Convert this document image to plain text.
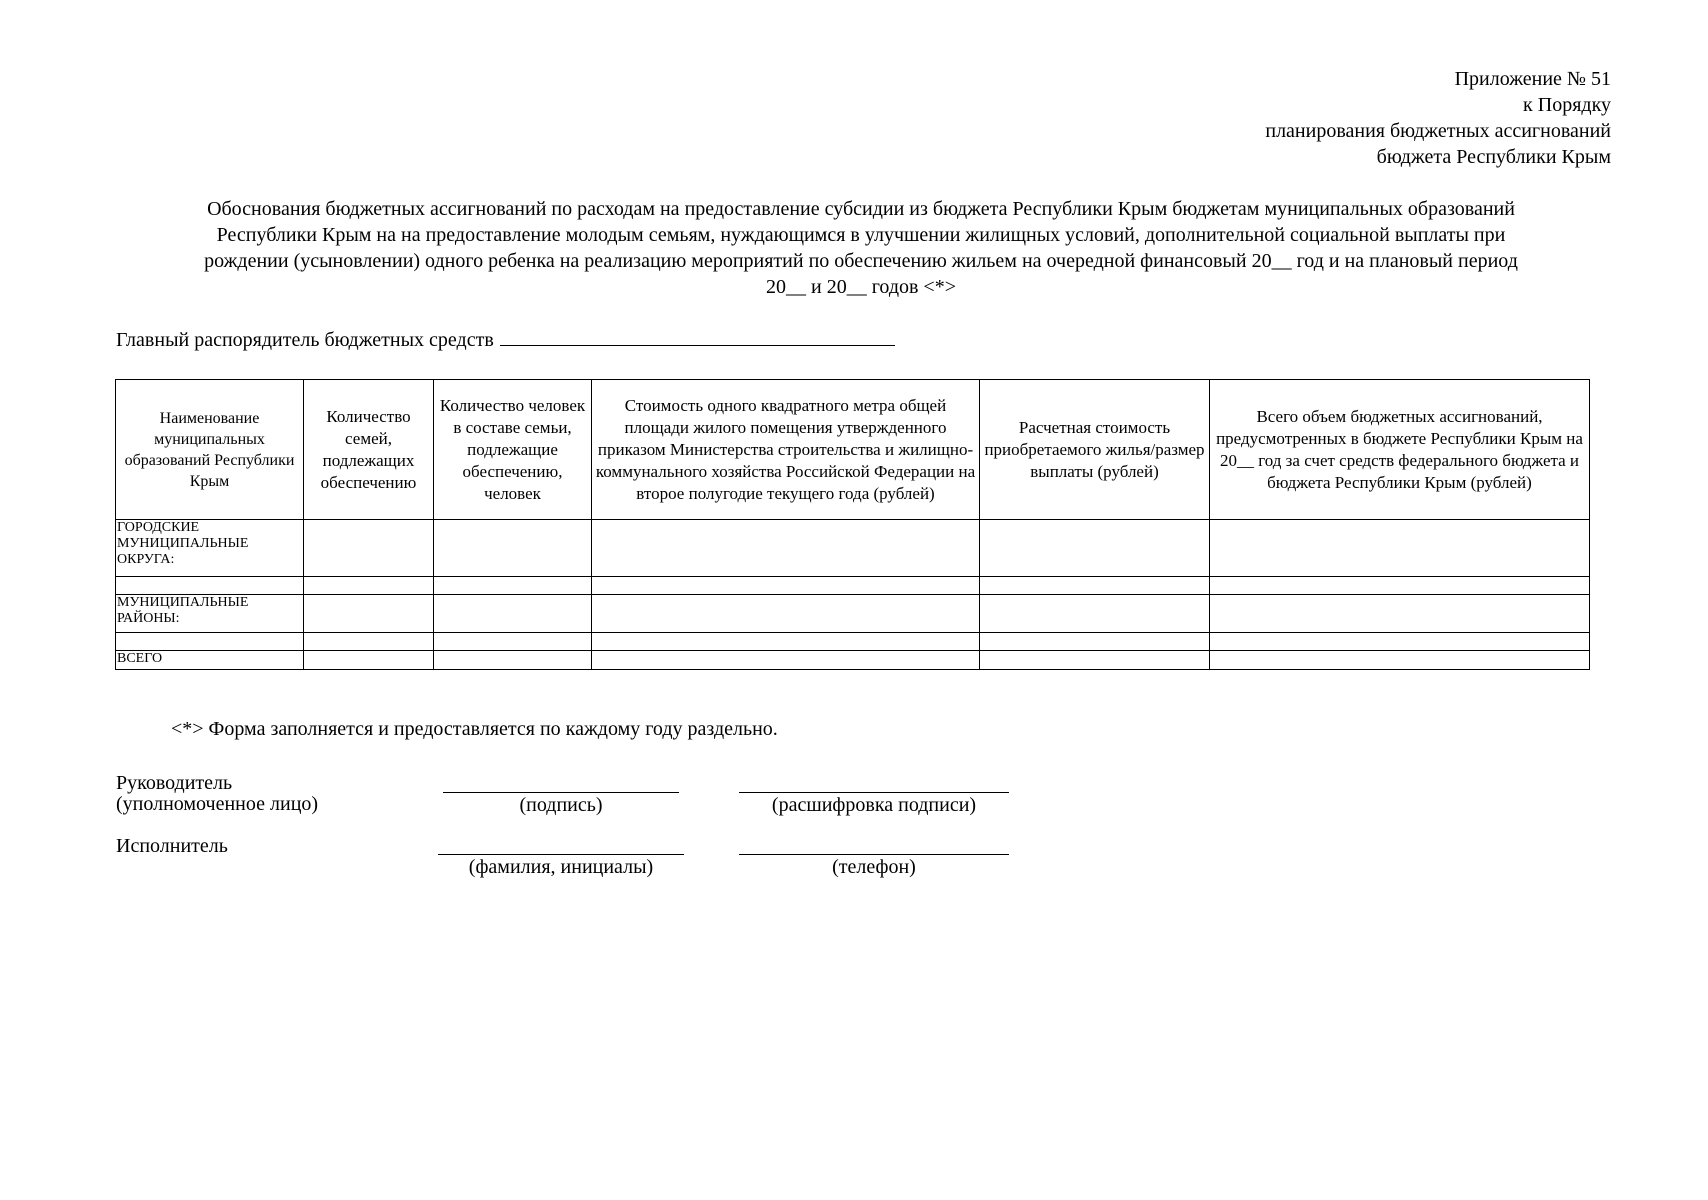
Приложение № 51
к Порядку
планирования бюджетных ассигнований
бюджета Республики Крым
Обоснования бюджетных ассигнований по расходам на предоставление субсидии из бюджета Республики Крым бюджетам муниципальных образований
Республики Крым на на предоставление молодым семьям, нуждающимся в улучшении жилищных условий, дополнительной социальной выплаты при
рождении (усыновлении) одного ребенка на реализацию мероприятий по обеспечению жильем на очередной финансовый 20__ год и на плановый период
20__ и 20__ годов <*>
Главный распорядитель бюджетных средств
Наименование муниципальных образований Республики Крым	Количество семей, подлежащих обеспечению	Количество человек в составе семьи, подлежащие обеспечению, человек	Стоимость одного квадратного метра общей площади жилого помещения утвержденного приказом Министерства строительства и жилищно-коммунального хозяйства Российской Федерации на второе полугодие текущего года (рублей)	Расчетная стоимость приобретаемого жилья/размер выплаты (рублей)	Всего объем бюджетных ассигнований, предусмотренных в бюджете Республики Крым на 20__ год за счет средств федерального бюджета и бюджета Республики Крым (рублей)
ГОРОДСКИЕ МУНИЦИПАЛЬНЫЕ ОКРУГА:					

МУНИЦИПАЛЬНЫЕ РАЙОНЫ:					

ВСЕГО					
<*> Форма заполняется и предоставляется по каждому году раздельно.
Руководитель
(уполномоченное лицо)	(подпись)	(расшифровка подписи)
Исполнитель
(фамилия, инициалы)	(телефон)
